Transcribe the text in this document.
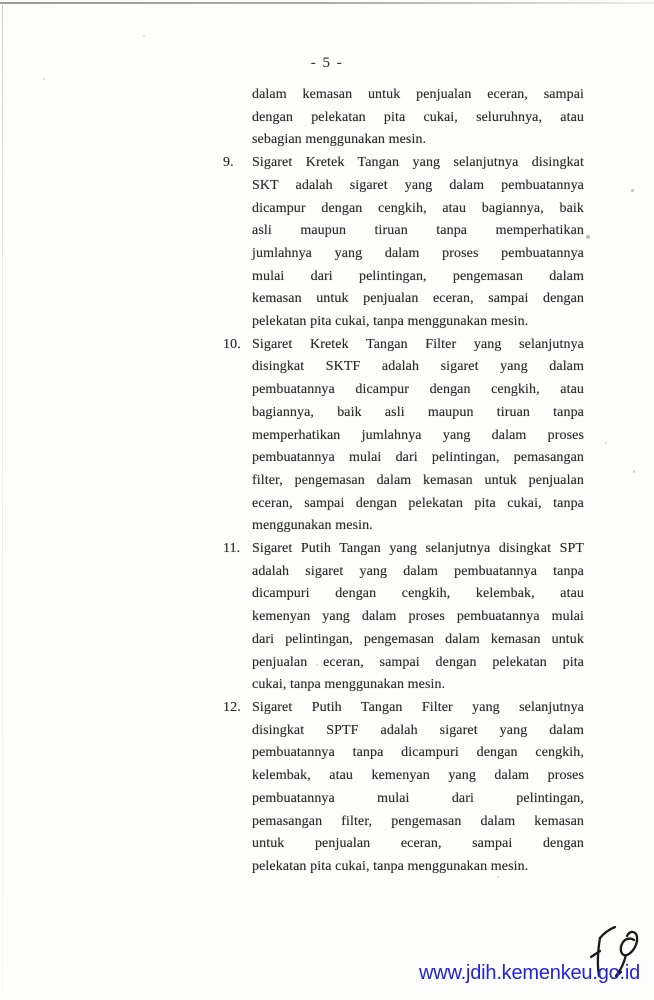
- 5 -
dalam kemasan untuk penjualan eceran, sampai
dengan pelekatan pita cukai, seluruhnya, atau
sebagian menggunakan mesin.
9.	Sigaret Kretek Tangan yang selanjutnya disingkat
SKT adalah sigaret yang dalam pembuatannya
dicampur dengan cengkih, atau bagiannya, baik
asli maupun tiruan tanpa memperhatikan
jumlahnya yang dalam proses pembuatannya
mulai dari pelintingan, pengemasan dalam
kemasan untuk penjualan eceran, sampai dengan
pelekatan pita cukai, tanpa menggunakan mesin.
10. Sigaret Kretek Tangan Filter yang selanjutnya
disingkat SKTF adalah sigaret yang dalam
pembuatannya dicampur dengan cengkih, atau
bagiannya, baik asli maupun tiruan tanpa
memperhatikan jumlahnya yang dalam proses
pembuatannya mulai dari pelintingan, pemasangan
filter, pengemasan dalam kemasan untuk penjualan
eceran, sampai dengan pelekatan pita cukai, tanpa
menggunakan mesin.
11. Sigaret Putih Tangan yang selanjutnya disingkat SPT
adalah sigaret yang dalam pembuatannya tanpa
dicampuri dengan cengkih, kelembak, atau
kemenyan yang dalam proses pembuatannya mulai
dari pelintingan, pengemasan dalam kemasan untuk
penjualan eceran, sampai dengan pelekatan pita
cukai, tanpa menggunakan mesin.
12. Sigaret Putih Tangan Filter yang selanjutnya
disingkat SPTF adalah sigaret yang dalam
pembuatannya tanpa dicampuri dengan cengkih,
kelembak, atau kemenyan yang dalam proses
pembuatannya mulai dari pelintingan,
pemasangan filter, pengemasan dalam kemasan
untuk penjualan eceran, sampai dengan
pelekatan pita cukai, tanpa menggunakan mesin.
www.jdih.kemenkeu.go.id
